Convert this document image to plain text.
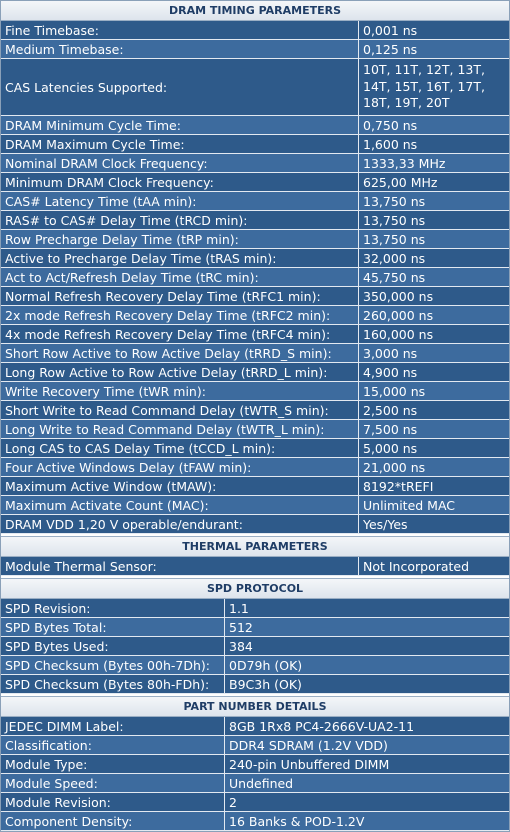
DRAM TIMING PARAMETERS
Fine Timebase:	0,001 ns
Medium Timebase:	0,125 ns
CAS Latencies Supported:
10T, 11T, 12T, 13T, 14T, 15T, 16T, 17T, 18T, 19T, 20T
DRAM Minimum Cycle Time:	0,750 ns
DRAM Maximum Cycle Time:	1,600 ns
Nominal DRAM Clock Frequency:	1333,33 MHz
Minimum DRAM Clock Frequency:	625,00 MHz
CAS# Latency Time (tAA min):	13,750 ns
RAS# to CAS# Delay Time (tRCD min):	13,750 ns
Row Precharge Delay Time (tRP min):	13,750 ns
Active to Precharge Delay Time (tRAS min):	32,000 ns
Act to Act/Refresh Delay Time (tRC min):	45,750 ns
Normal Refresh Recovery Delay Time (tRFC1 min):	350,000 ns
2x mode Refresh Recovery Delay Time (tRFC2 min):	260,000 ns
4x mode Refresh Recovery Delay Time (tRFC4 min):	160,000 ns
Short Row Active to Row Active Delay (tRRD_S min):	3,000 ns
Long Row Active to Row Active Delay (tRRD_L min):	4,900 ns
Write Recovery Time (tWR min):	15,000 ns
Short Write to Read Command Delay (tWTR_S min):	2,500 ns
Long Write to Read Command Delay (tWTR_L min):	7,500 ns
Long CAS to CAS Delay Time (tCCD_L min):	5,000 ns
Four Active Windows Delay (tFAW min):	21,000 ns
Maximum Active Window (tMAW):	8192*tREFI
Maximum Activate Count (MAC):	Unlimited MAC
DRAM VDD 1,20 V operable/endurant:	Yes/Yes
THERMAL PARAMETERS
Module Thermal Sensor:	Not Incorporated
SPD PROTOCOL
SPD Revision:	1.1
SPD Bytes Total:	512
SPD Bytes Used:	384
SPD Checksum (Bytes 00h-7Dh):	0D79h (OK)
SPD Checksum (Bytes 80h-FDh):	B9C3h (OK)
PART NUMBER DETAILS
JEDEC DIMM Label:	8GB 1Rx8 PC4-2666V-UA2-11
Classification:	DDR4 SDRAM (1.2V VDD)
Module Type:	240-pin Unbuffered DIMM
Module Speed:	Undefined
Module Revision:	2
Component Density:	16 Banks & POD-1.2V
